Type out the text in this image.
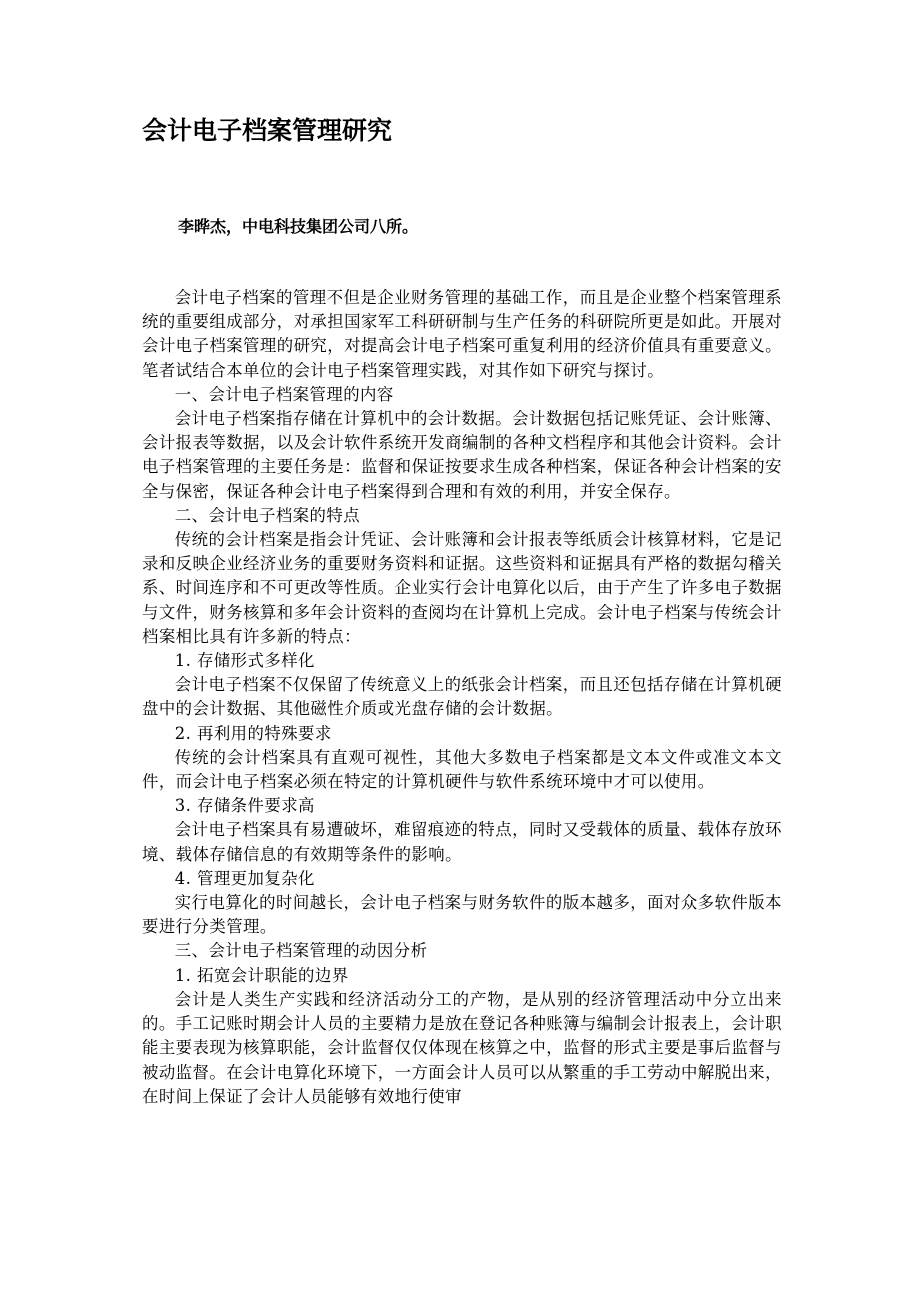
会计电子档案管理研究

李晔杰，中电科技集团公司八所。

会计电子档案的管理不但是企业财务管理的基础工作，而且是企业整个档案管理系统的重要组成部分，对承担国家军工科研研制与生产任务的科研院所更是如此。开展对会计电子档案管理的研究，对提高会计电子档案可重复利用的经济价值具有重要意义。笔者试结合本单位的会计电子档案管理实践，对其作如下研究与探讨。

一、会计电子档案管理的内容

会计电子档案指存储在计算机中的会计数据。会计数据包括记账凭证、会计账簿、会计报表等数据，以及会计软件系统开发商编制的各种文档程序和其他会计资料。会计电子档案管理的主要任务是：监督和保证按要求生成各种档案，保证各种会计档案的安全与保密，保证各种会计电子档案得到合理和有效的利用，并安全保存。

二、会计电子档案的特点

传统的会计档案是指会计凭证、会计账簿和会计报表等纸质会计核算材料，它是记录和反映企业经济业务的重要财务资料和证据。这些资料和证据具有严格的数据勾稽关系、时间连序和不可更改等性质。企业实行会计电算化以后，由于产生了许多电子数据与文件，财务核算和多年会计资料的查阅均在计算机上完成。会计电子档案与传统会计档案相比具有许多新的特点：

1. 存储形式多样化

会计电子档案不仅保留了传统意义上的纸张会计档案，而且还包括存储在计算机硬盘中的会计数据、其他磁性介质或光盘存储的会计数据。

2. 再利用的特殊要求

传统的会计档案具有直观可视性，其他大多数电子档案都是文本文件或准文本文件，而会计电子档案必须在特定的计算机硬件与软件系统环境中才可以使用。

3. 存储条件要求高

会计电子档案具有易遭破坏，难留痕迹的特点，同时又受载体的质量、载体存放环境、载体存储信息的有效期等条件的影响。

4. 管理更加复杂化

实行电算化的时间越长，会计电子档案与财务软件的版本越多，面对众多软件版本要进行分类管理。

三、会计电子档案管理的动因分析

1. 拓宽会计职能的边界

会计是人类生产实践和经济活动分工的产物，是从别的经济管理活动中分立出来的。手工记账时期会计人员的主要精力是放在登记各种账簿与编制会计报表上，会计职能主要表现为核算职能，会计监督仅仅体现在核算之中，监督的形式主要是事后监督与被动监督。在会计电算化环境下，一方面会计人员可以从繁重的手工劳动中解脱出来，在时间上保证了会计人员能够有效地行使审
